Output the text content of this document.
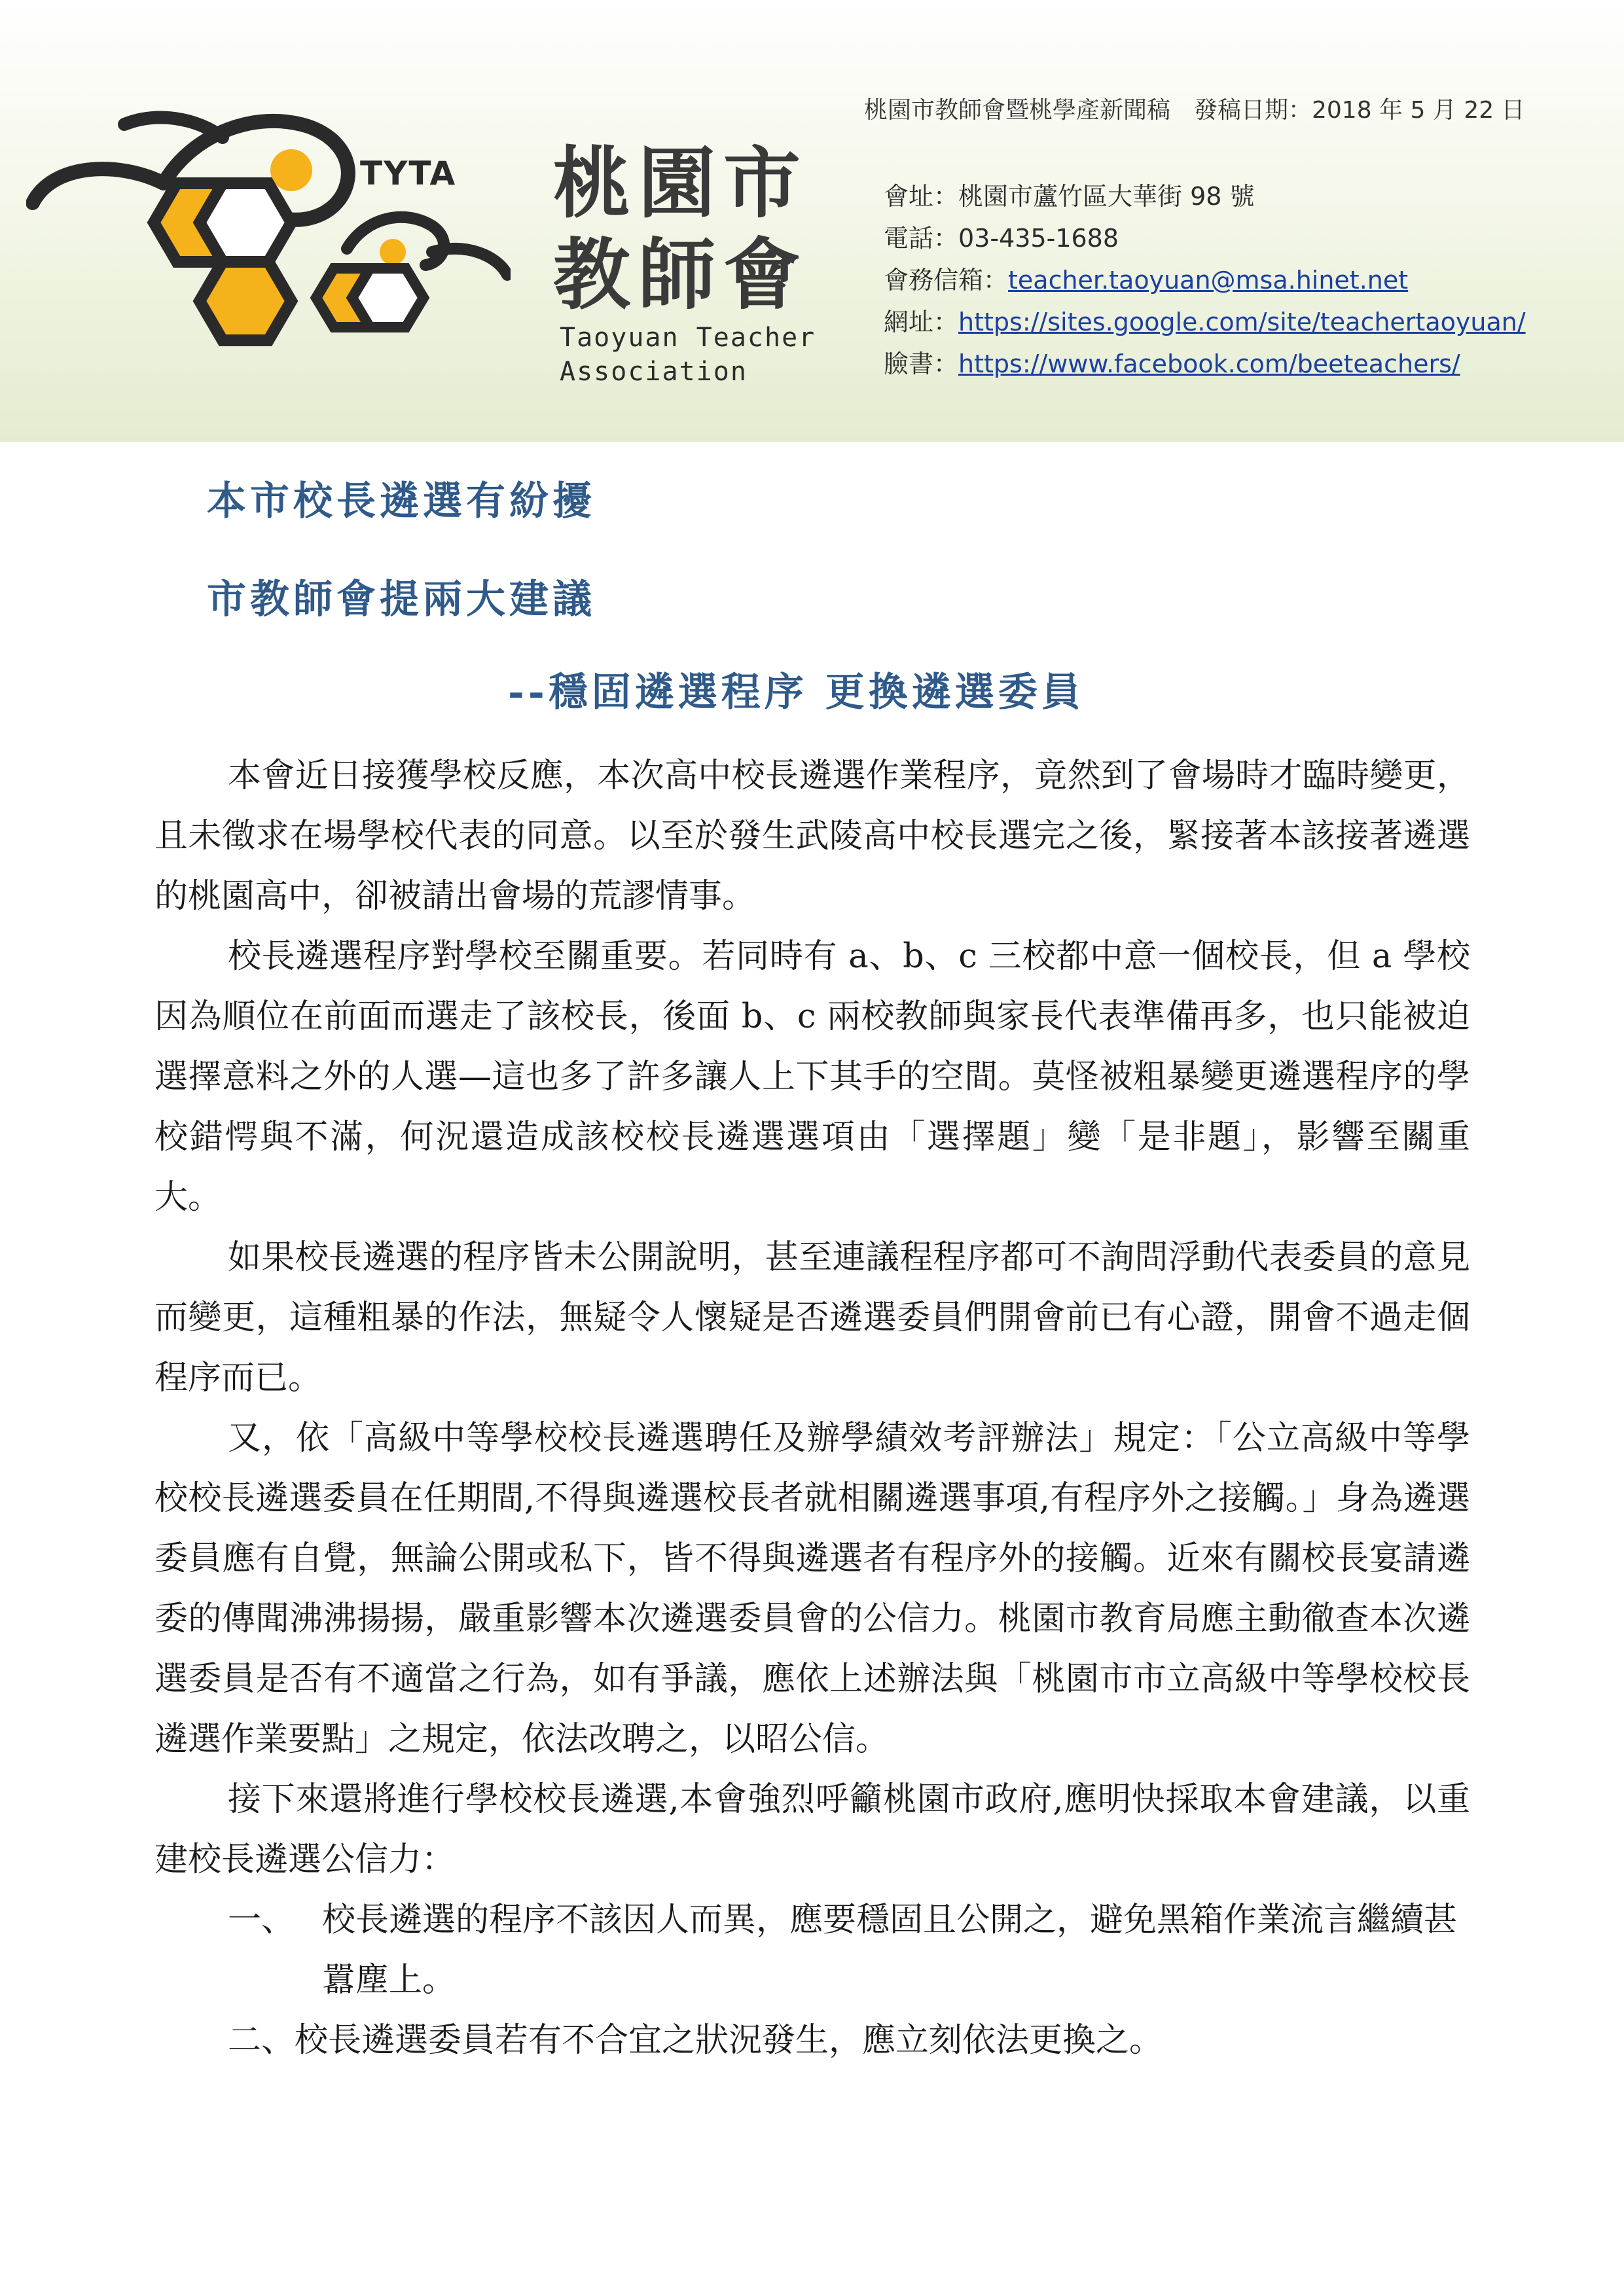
TYTA 桃園市教師會
Taoyuan Teacher Association
桃園市教師會暨桃學產新聞稿　發稿日期：2018 年 5 月 22 日
會址：桃園市蘆竹區大華街 98 號
電話：03-435-1688
會務信箱：teacher.taoyuan@msa.hinet.net
網址：https://sites.google.com/site/teachertaoyuan/
臉書：https://www.facebook.com/beeteachers/
本市校長遴選有紛擾
市教師會提兩大建議
--穩固遴選程序 更換遴選委員

本會近日接獲學校反應，本次高中校長遴選作業程序，竟然到了會場時才臨時變更，且未徵求在場學校代表的同意。以至於發生武陵高中校長選完之後，緊接著本該接著遴選的桃園高中，卻被請出會場的荒謬情事。

校長遴選程序對學校至關重要。若同時有 a、b、c 三校都中意一個校長，但 a 學校因為順位在前面而選走了該校長，後面 b、c 兩校教師與家長代表準備再多，也只能被迫選擇意料之外的人選—這也多了許多讓人上下其手的空間。莫怪被粗暴變更遴選程序的學校錯愕與不滿，何況還造成該校校長遴選選項由「選擇題」變「是非題」，影響至關重大。

如果校長遴選的程序皆未公開說明，甚至連議程程序都可不詢問浮動代表委員的意見而變更，這種粗暴的作法，無疑令人懷疑是否遴選委員們開會前已有心證，開會不過走個程序而已。

又，依「高級中等學校校長遴選聘任及辦學績效考評辦法」規定：「公立高級中等學校校長遴選委員在任期間,不得與遴選校長者就相關遴選事項,有程序外之接觸。」身為遴選委員應有自覺，無論公開或私下，皆不得與遴選者有程序外的接觸。近來有關校長宴請遴委的傳聞沸沸揚揚，嚴重影響本次遴選委員會的公信力。桃園市教育局應主動徹查本次遴選委員是否有不適當之行為，如有爭議，應依上述辦法與「桃園市市立高級中等學校校長遴選作業要點」之規定，依法改聘之，以昭公信。

接下來還將進行學校校長遴選,本會強烈呼籲桃園市政府,應明快採取本會建議，以重建校長遴選公信力：

一、 校長遴選的程序不該因人而異，應要穩固且公開之，避免黑箱作業流言繼續甚囂塵上。
二、校長遴選委員若有不合宜之狀況發生，應立刻依法更換之。
